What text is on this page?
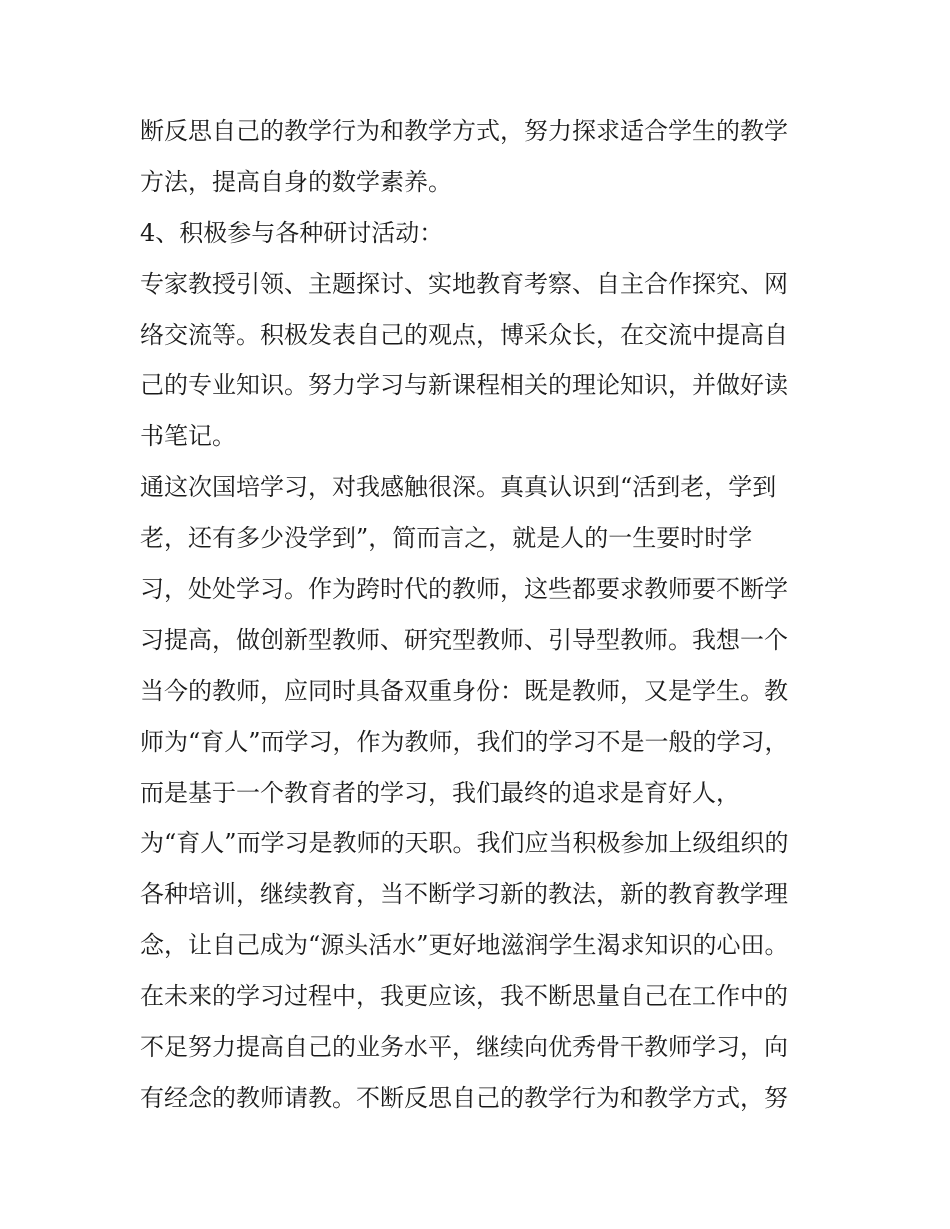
断反思自己的教学行为和教学方式，努力探求适合学生的教学
方法，提高自身的数学素养。
4、积极参与各种研讨活动：
专家教授引领、主题探讨、实地教育考察、自主合作探究、网
络交流等。积极发表自己的观点，博采众长，在交流中提高自
己的专业知识。努力学习与新课程相关的理论知识，并做好读
书笔记。
通这次国培学习，对我感触很深。真真认识到“活到老，学到
老，还有多少没学到”，简而言之，就是人的一生要时时学
习，处处学习。作为跨时代的教师，这些都要求教师要不断学
习提高，做创新型教师、研究型教师、引导型教师。我想一个
当今的教师，应同时具备双重身份：既是教师，又是学生。教
师为“育人”而学习，作为教师，我们的学习不是一般的学习，
而是基于一个教育者的学习，我们最终的追求是育好人，
为“育人”而学习是教师的天职。我们应当积极参加上级组织的
各种培训，继续教育，当不断学习新的教法，新的教育教学理
念，让自己成为“源头活水”更好地滋润学生渴求知识的心田。
在未来的学习过程中，我更应该，我不断思量自己在工作中的
不足努力提高自己的业务水平，继续向优秀骨干教师学习，向
有经念的教师请教。不断反思自己的教学行为和教学方式，努
